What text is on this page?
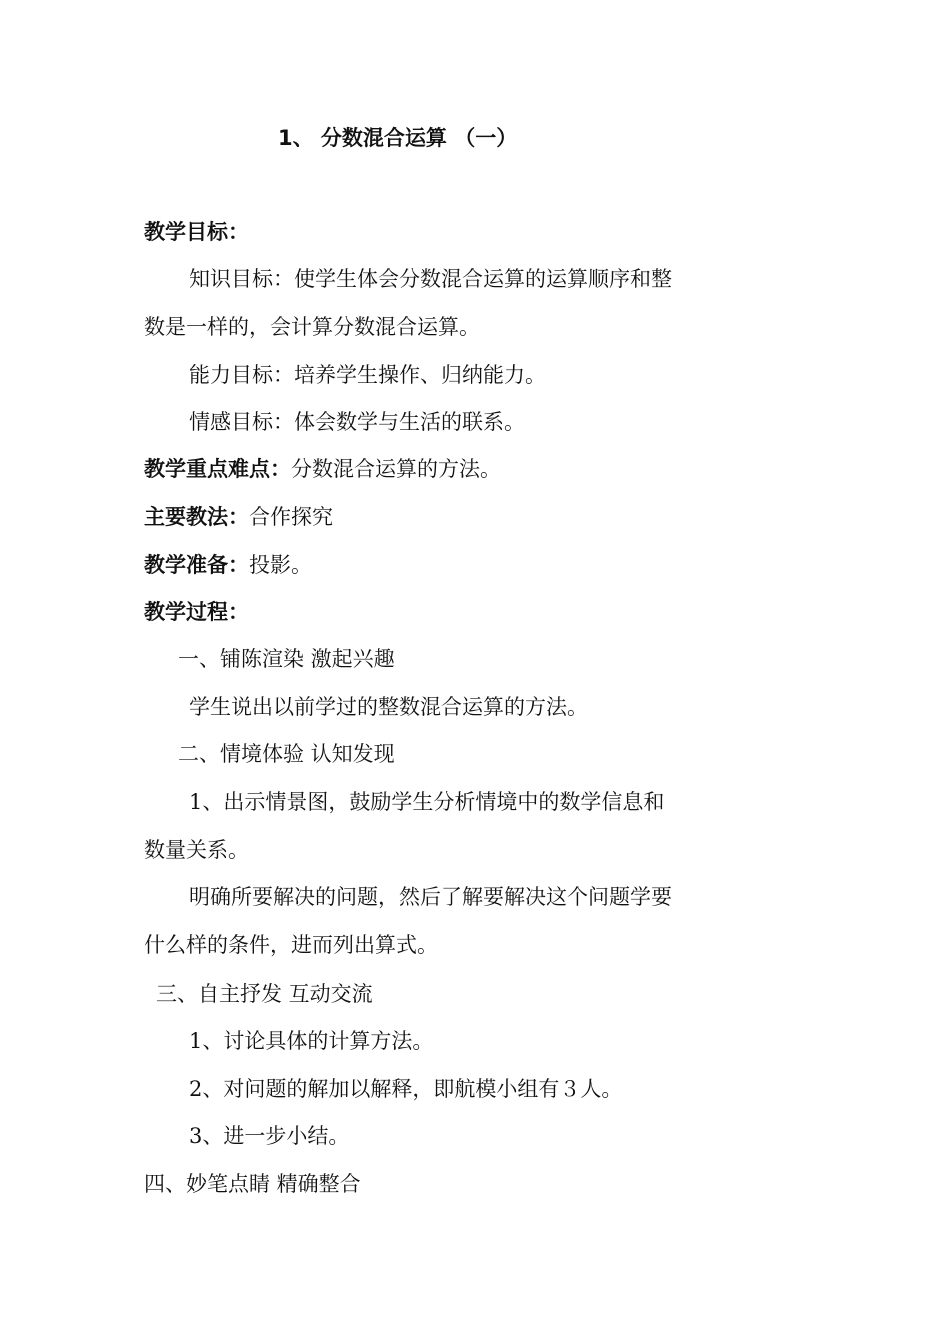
1、 分数混合运算 （一）
教学目标：
知识目标：使学生体会分数混合运算的运算顺序和整
数是一样的，会计算分数混合运算。
能力目标：培养学生操作、归纳能力。
情感目标：体会数学与生活的联系。
教学重点难点：分数混合运算的方法。
主要教法：合作探究
教学准备：投影。
教学过程：
一、铺陈渲染 激起兴趣
学生说出以前学过的整数混合运算的方法。
二、情境体验 认知发现
1、出示情景图，鼓励学生分析情境中的数学信息和
数量关系。
明确所要解决的问题，然后了解要解决这个问题学要
什么样的条件，进而列出算式。
三、自主抒发 互动交流
1、讨论具体的计算方法。
2、对问题的解加以解释，即航模小组有３人。
3、进一步小结。
四、妙笔点睛 精确整合
